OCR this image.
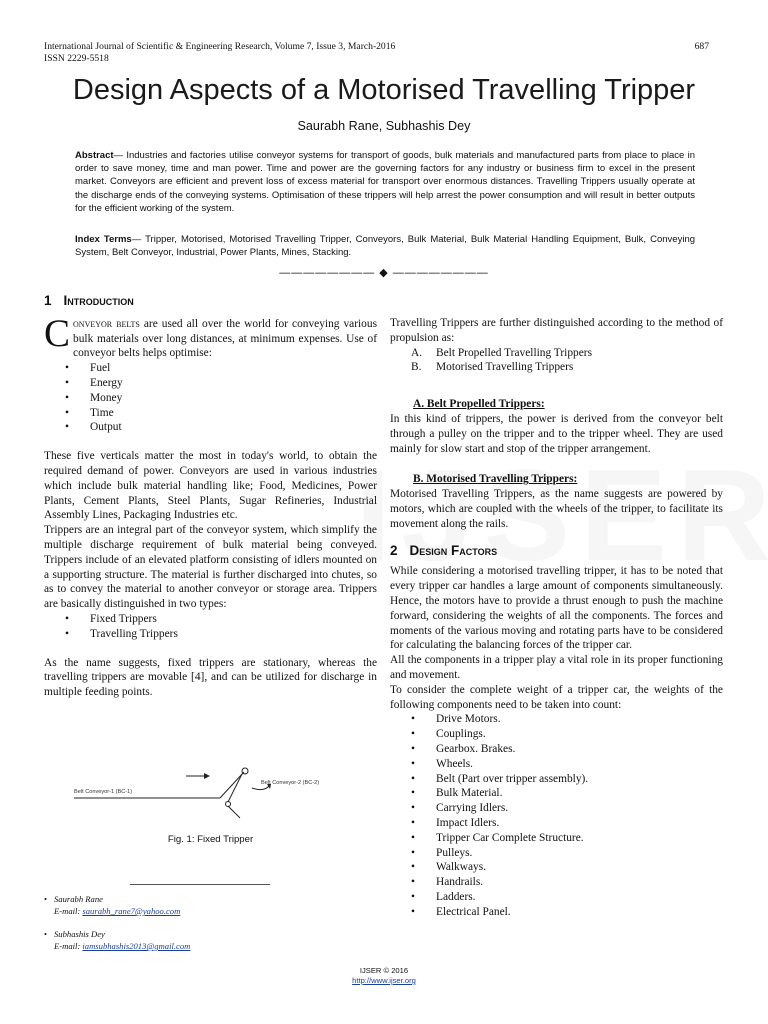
International Journal of Scientific & Engineering Research, Volume 7, Issue 3, March-2016
ISSN 2229-5518
687
Design Aspects of a Motorised Travelling Tripper
Saurabh Rane, Subhashis Dey
Abstract— Industries and factories utilise conveyor systems for transport of goods, bulk materials and manufactured parts from place to place in order to save money, time and man power. Time and power are the governing factors for any industry or business firm to excel in the present market. Conveyors are efficient and prevent loss of excess material for transport over enormous distances. Travelling Trippers usually operate at the discharge ends of the conveying systems. Optimisation of these trippers will help arrest the power consumption and will result in better outputs for the efficient working of the system.
Index Terms— Tripper, Motorised, Motorised Travelling Tripper, Conveyors, Bulk Material, Bulk Material Handling Equipment, Bulk, Conveying System, Belt Conveyor, Industrial, Power Plants, Mines, Stacking.
———————— ◆ ————————
1 Introduction

Conveyor belts are used all over the world for conveying various bulk materials over long distances, at minimum expenses. Use of conveyor belts helps optimise:

• Fuel
• Energy
• Money
• Time
• Output

These five verticals matter the most in today's world, to obtain the required demand of power. Conveyors are used in various industries which include bulk material handling like; Food, Medicines, Power Plants, Cement Plants, Steel Plants, Sugar Refineries, Industrial Assembly Lines, Packaging Industries etc.

Trippers are an integral part of the conveyor system, which simplify the multiple discharge requirement of bulk material being conveyed. Trippers include of an elevated platform consisting of idlers mounted on a supporting structure. The material is further discharged into chutes, so as to convey the material to another conveyor or storage area. Trippers are basically distinguished in two types:

• Fixed Trippers
• Travelling Trippers

As the name suggests, fixed trippers are stationary, whereas the travelling trippers are movable [4], and can be utilized for discharge in multiple feeding points.

Belt Conveyor-1 (BC-1)
Belt Conveyor-2 (BC-2)
Fig. 1: Fixed Tripper
• Saurabh Rane
E-mail: saurabh_rane7@yahoo.com
• Subhashis Dey
E-mail: iamsubhashis2013@gmail.com

Travelling Trippers are further distinguished according to the method of propulsion as:

A. Belt Propelled Travelling Trippers
B. Motorised Travelling Trippers

A. Belt Propelled Trippers:

In this kind of trippers, the power is derived from the conveyor belt through a pulley on the tripper and to the tripper wheel. They are used mainly for slow start and stop of the tripper arrangement.

B. Motorised Travelling Trippers:

Motorised Travelling Trippers, as the name suggests are powered by motors, which are coupled with the wheels of the tripper, to facilitate its movement along the rails.

2 Design Factors

While considering a motorised travelling tripper, it has to be noted that every tripper car handles a large amount of components simultaneously. Hence, the motors have to provide a thrust enough to push the machine forward, considering the weights of all the components. The forces and moments of the various moving and rotating parts have to be considered for calculating the balancing forces of the tripper car.

All the components in a tripper play a vital role in its proper functioning and movement.

To consider the complete weight of a tripper car, the weights of the following components need to be taken into count:

• Drive Motors.
• Couplings.
• Gearbox. Brakes.
• Wheels.
• Belt (Part over tripper assembly).
• Bulk Material.
• Carrying Idlers.
• Impact Idlers.
• Tripper Car Complete Structure.
• Pulleys.
• Walkways.
• Handrails.
• Ladders.
• Electrical Panel.
IJSER © 2016
http://www.ijser.org
